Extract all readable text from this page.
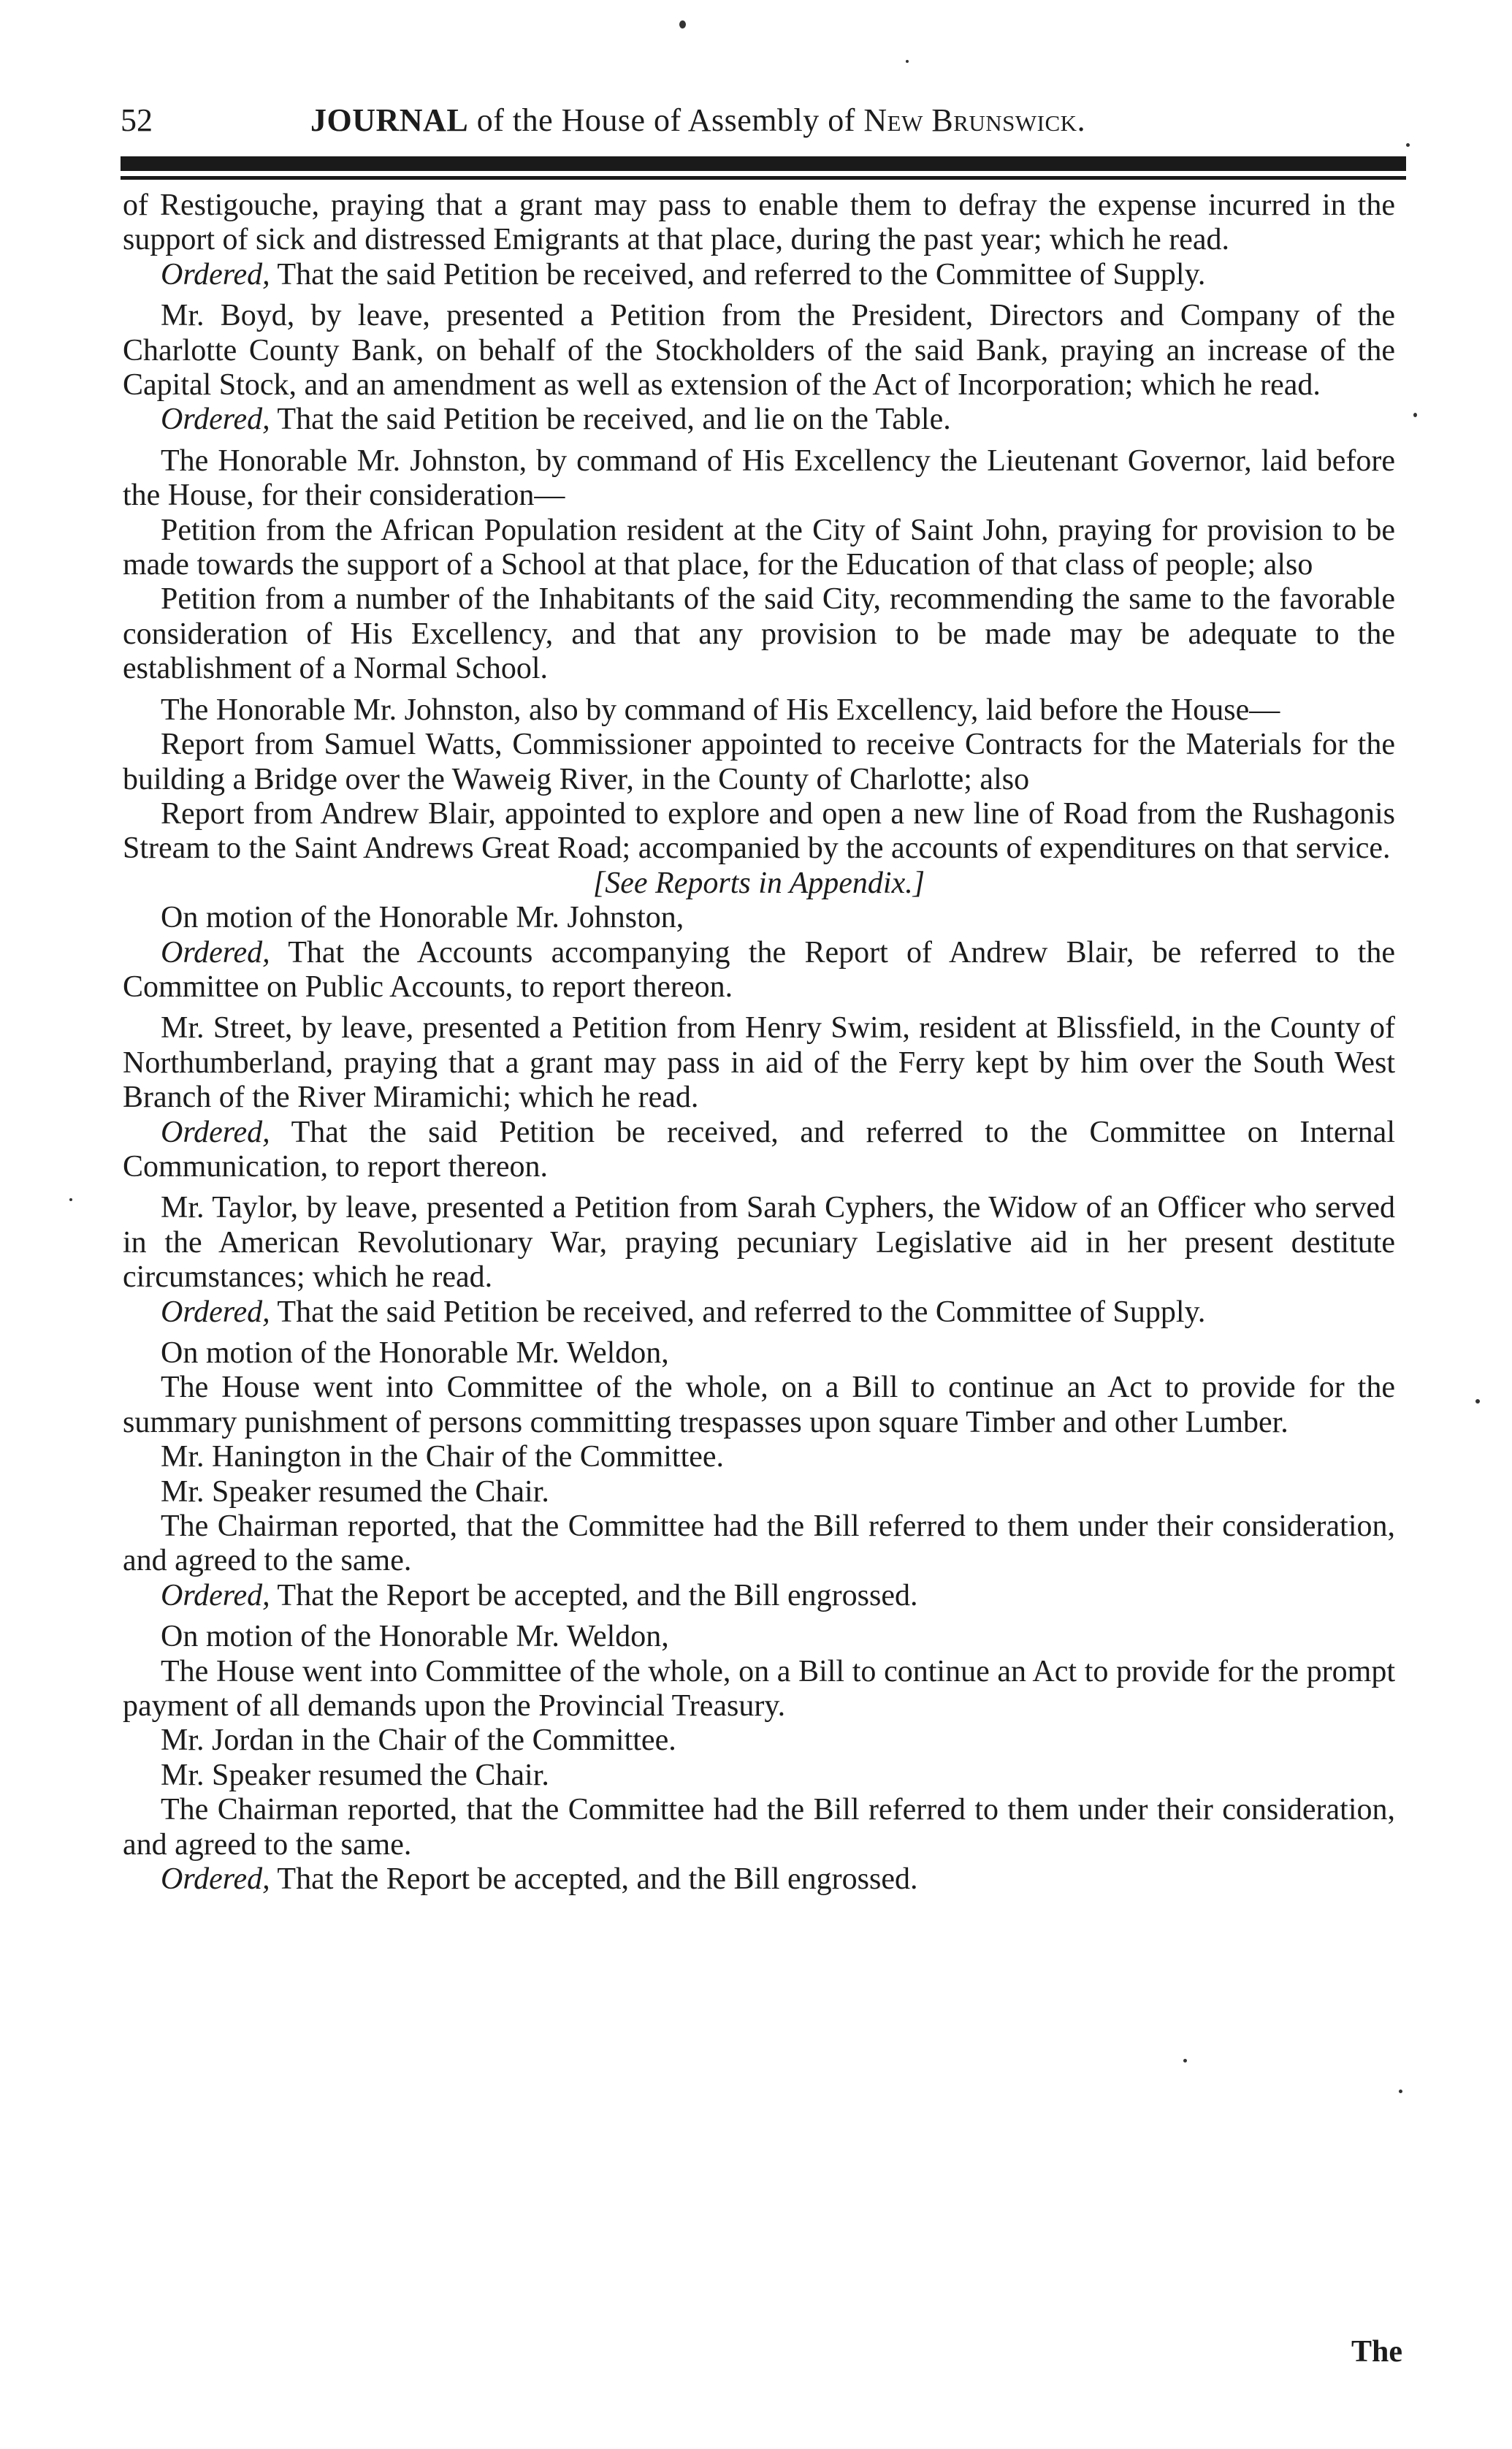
52	JOURNAL of the House of Assembly of New Brunswick.

of Restigouche, praying that a grant may pass to enable them to defray the expense incurred in the support of sick and distressed Emigrants at that place, during the past year; which he read.

Ordered, That the said Petition be received, and referred to the Committee of Supply.

Mr. Boyd, by leave, presented a Petition from the President, Directors and Company of the Charlotte County Bank, on behalf of the Stockholders of the said Bank, praying an increase of the Capital Stock, and an amendment as well as extension of the Act of Incorporation; which he read.

Ordered, That the said Petition be received, and lie on the Table.

The Honorable Mr. Johnston, by command of His Excellency the Lieutenant Governor, laid before the House, for their consideration—

Petition from the African Population resident at the City of Saint John, praying for provision to be made towards the support of a School at that place, for the Education of that class of people; also

Petition from a number of the Inhabitants of the said City, recommending the same to the favorable consideration of His Excellency, and that any provision to be made may be adequate to the establishment of a Normal School.

The Honorable Mr. Johnston, also by command of His Excellency, laid before the House—

Report from Samuel Watts, Commissioner appointed to receive Contracts for the Materials for the building a Bridge over the Waweig River, in the County of Charlotte; also

Report from Andrew Blair, appointed to explore and open a new line of Road from the Rushagonis Stream to the Saint Andrews Great Road; accompanied by the accounts of expenditures on that service.

[See Reports in Appendix.]

On motion of the Honorable Mr. Johnston,

Ordered, That the Accounts accompanying the Report of Andrew Blair, be referred to the Committee on Public Accounts, to report thereon.

Mr. Street, by leave, presented a Petition from Henry Swim, resident at Blissfield, in the County of Northumberland, praying that a grant may pass in aid of the Ferry kept by him over the South West Branch of the River Miramichi; which he read.

Ordered, That the said Petition be received, and referred to the Committee on Internal Communication, to report thereon.

Mr. Taylor, by leave, presented a Petition from Sarah Cyphers, the Widow of an Officer who served in the American Revolutionary War, praying pecuniary Legislative aid in her present destitute circumstances; which he read.

Ordered, That the said Petition be received, and referred to the Committee of Supply.

On motion of the Honorable Mr. Weldon,

The House went into Committee of the whole, on a Bill to continue an Act to provide for the summary punishment of persons committing trespasses upon square Timber and other Lumber.

Mr. Hanington in the Chair of the Committee.

Mr. Speaker resumed the Chair.

The Chairman reported, that the Committee had the Bill referred to them under their consideration, and agreed to the same.

Ordered, That the Report be accepted, and the Bill engrossed.

On motion of the Honorable Mr. Weldon,

The House went into Committee of the whole, on a Bill to continue an Act to provide for the prompt payment of all demands upon the Provincial Treasury.

Mr. Jordan in the Chair of the Committee.

Mr. Speaker resumed the Chair.

The Chairman reported, that the Committee had the Bill referred to them under their consideration, and agreed to the same.

Ordered, That the Report be accepted, and the Bill engrossed.

The
